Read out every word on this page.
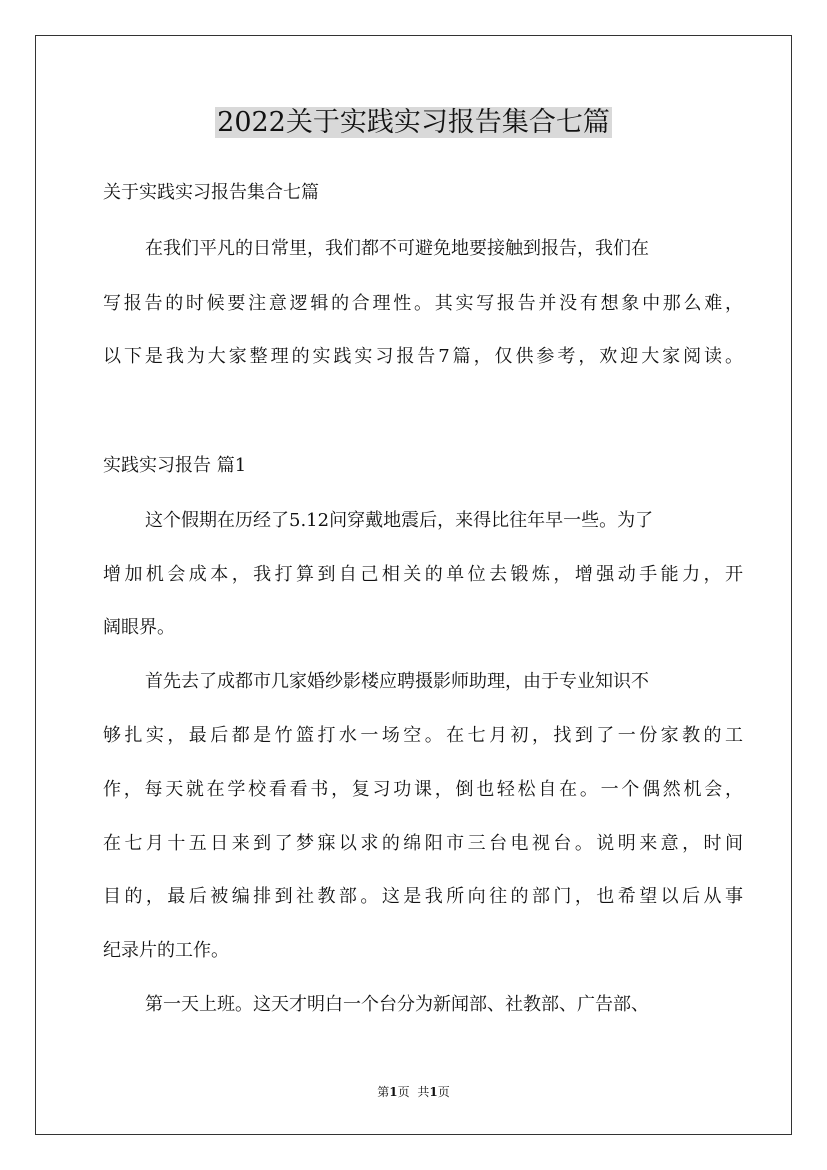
2022关于实践实习报告集合七篇

关于实践实习报告集合七篇

在我们平凡的日常里，我们都不可避免地要接触到报告，我们在

写报告的时候要注意逻辑的合理性。其实写报告并没有想象中那么难，

以下是我为大家整理的实践实习报告7篇，仅供参考，欢迎大家阅读。

实践实习报告 篇1

这个假期在历经了5.12问穿戴地震后，来得比往年早一些。为了

增加机会成本，我打算到自己相关的单位去锻炼，增强动手能力，开

阔眼界。

首先去了成都市几家婚纱影楼应聘摄影师助理，由于专业知识不

够扎实，最后都是竹篮打水一场空。在七月初，找到了一份家教的工

作，每天就在学校看看书，复习功课，倒也轻松自在。一个偶然机会，

在七月十五日来到了梦寐以求的绵阳市三台电视台。说明来意，时间

目的，最后被编排到社教部。这是我所向往的部门，也希望以后从事

纪录片的工作。

第一天上班。这天才明白一个台分为新闻部、社教部、广告部、

第1页 共1页
